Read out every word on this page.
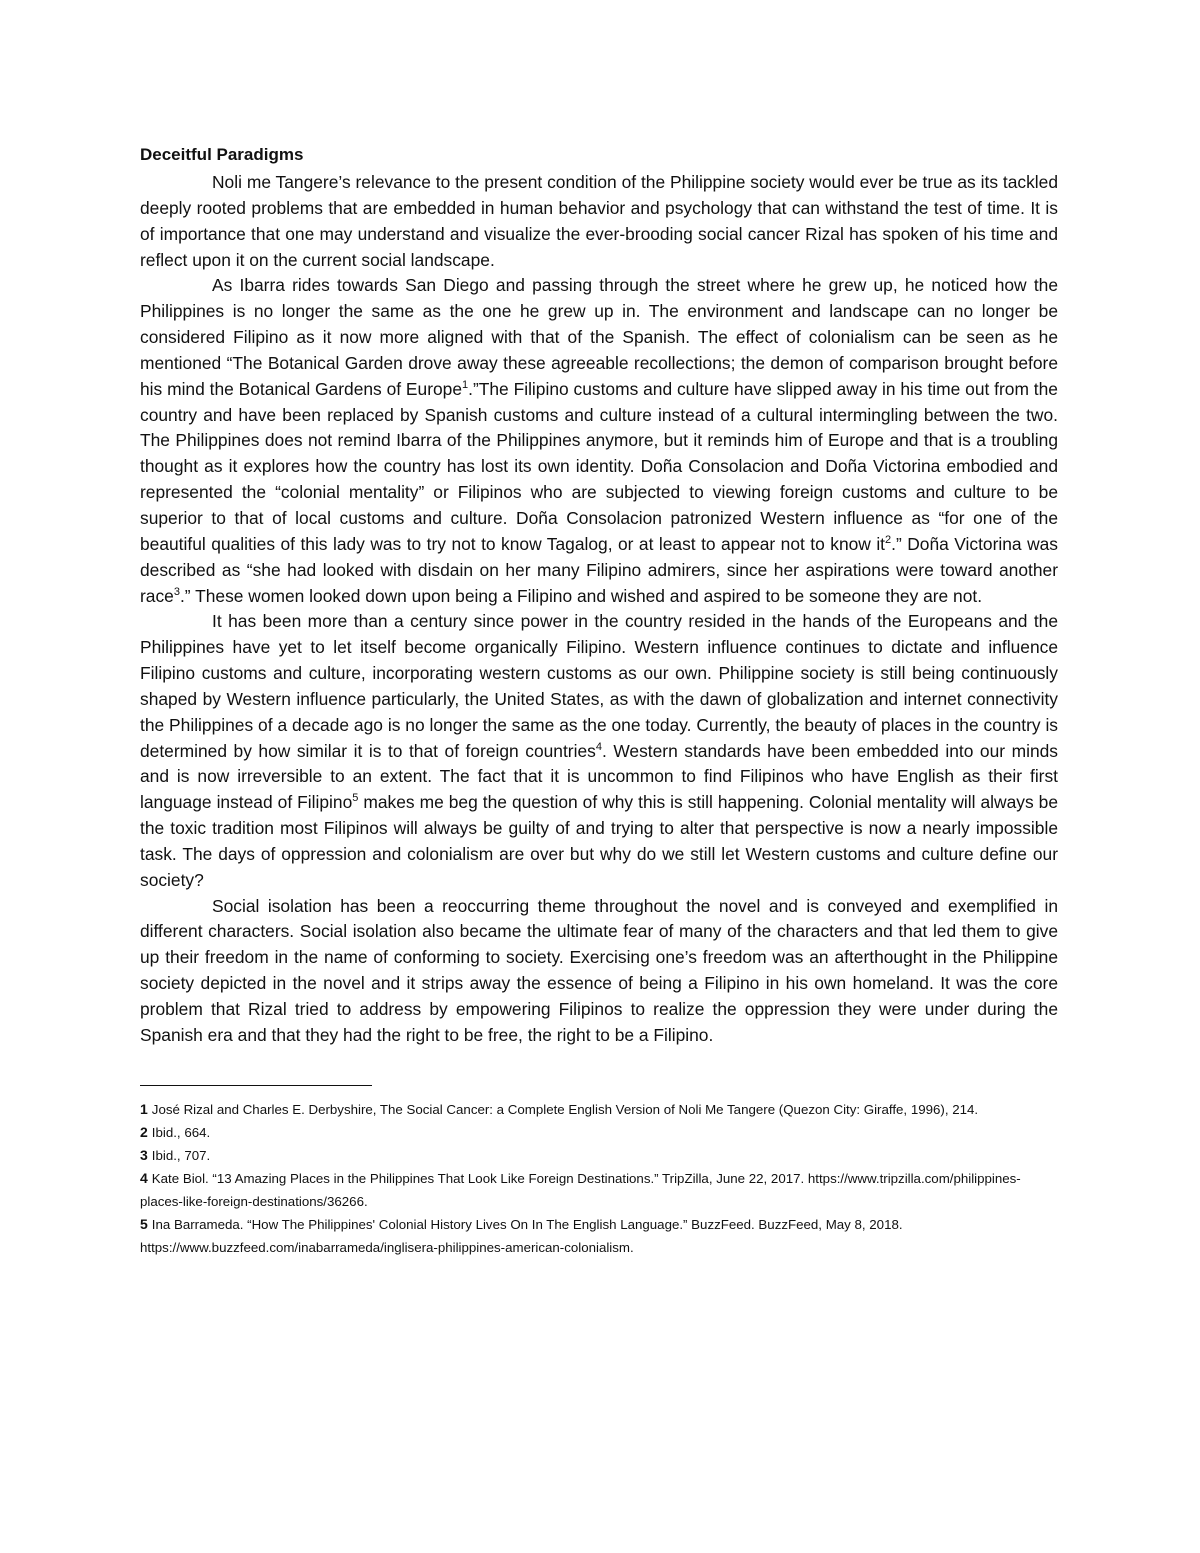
Deceitful Paradigms

Noli me Tangere’s relevance to the present condition of the Philippine society would ever be true as its tackled deeply rooted problems that are embedded in human behavior and psychology that can withstand the test of time. It is of importance that one may understand and visualize the ever-brooding social cancer Rizal has spoken of his time and reflect upon it on the current social landscape.

As Ibarra rides towards San Diego and passing through the street where he grew up, he noticed how the Philippines is no longer the same as the one he grew up in. The environment and landscape can no longer be considered Filipino as it now more aligned with that of the Spanish. The effect of colonialism can be seen as he mentioned “The Botanical Garden drove away these agreeable recollections; the demon of comparison brought before his mind the Botanical Gardens of Europe$^1$.”The Filipino customs and culture have slipped away in his time out from the country and have been replaced by Spanish customs and culture instead of a cultural intermingling between the two. The Philippines does not remind Ibarra of the Philippines anymore, but it reminds him of Europe and that is a troubling thought as it explores how the country has lost its own identity. Doña Consolacion and Doña Victorina embodied and represented the “colonial mentality” or Filipinos who are subjected to viewing foreign customs and culture to be superior to that of local customs and culture. Doña Consolacion patronized Western influence as “for one of the beautiful qualities of this lady was to try not to know Tagalog, or at least to appear not to know it$^2$.” Doña Victorina was described as “she had looked with disdain on her many Filipino admirers, since her aspirations were toward another race$^3$.” These women looked down upon being a Filipino and wished and aspired to be someone they are not.

It has been more than a century since power in the country resided in the hands of the Europeans and the Philippines have yet to let itself become organically Filipino. Western influence continues to dictate and influence Filipino customs and culture, incorporating western customs as our own. Philippine society is still being continuously shaped by Western influence particularly, the United States, as with the dawn of globalization and internet connectivity the Philippines of a decade ago is no longer the same as the one today. Currently, the beauty of places in the country is determined by how similar it is to that of foreign countries$^4$. Western standards have been embedded into our minds and is now irreversible to an extent. The fact that it is uncommon to find Filipinos who have English as their first language instead of Filipino$^5$ makes me beg the question of why this is still happening. Colonial mentality will always be the toxic tradition most Filipinos will always be guilty of and trying to alter that perspective is now a nearly impossible task. The days of oppression and colonialism are over but why do we still let Western customs and culture define our society?

Social isolation has been a reoccurring theme throughout the novel and is conveyed and exemplified in different characters. Social isolation also became the ultimate fear of many of the characters and that led them to give up their freedom in the name of conforming to society. Exercising one’s freedom was an afterthought in the Philippine society depicted in the novel and it strips away the essence of being a Filipino in his own homeland. It was the core problem that Rizal tried to address by empowering Filipinos to realize the oppression they were under during the Spanish era and that they had the right to be free, the right to be a Filipino.

1 José Rizal and Charles E. Derbyshire, The Social Cancer: a Complete English Version of Noli Me Tangere (Quezon City: Giraffe, 1996), 214.
2 Ibid., 664.
3 Ibid., 707.
4 Kate Biol. “13 Amazing Places in the Philippines That Look Like Foreign Destinations.” TripZilla, June 22, 2017. https://www.tripzilla.com/philippines-places-like-foreign-destinations/36266.
5 Ina Barrameda. “How The Philippines' Colonial History Lives On In The English Language.” BuzzFeed. BuzzFeed, May 8, 2018. https://www.buzzfeed.com/inabarrameda/inglisera-philippines-american-colonialism.
